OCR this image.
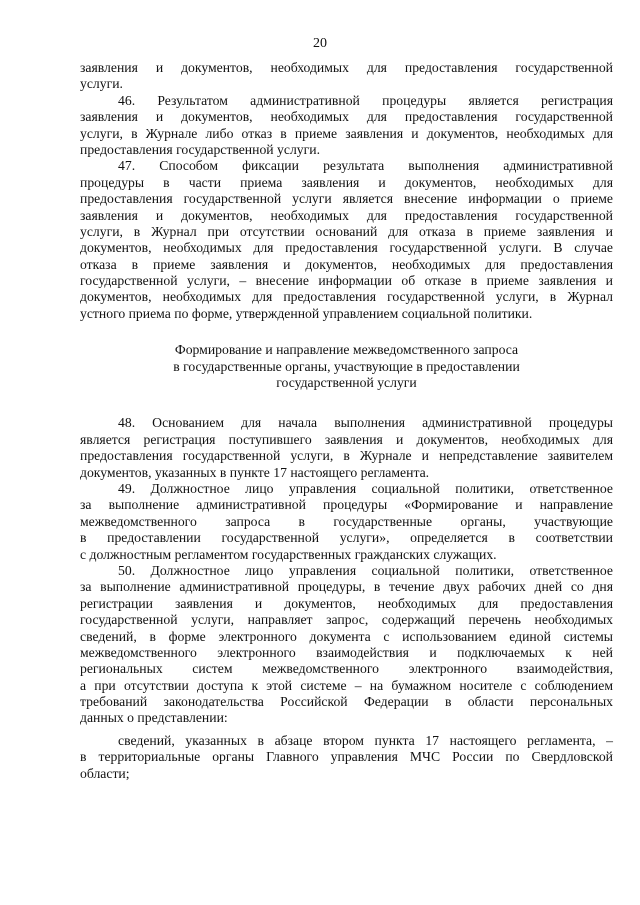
20
заявления и документов, необходимых для предоставления государственной
услуги.
46. Результатом административной процедуры является регистрация
заявления и документов, необходимых для предоставления государственной
услуги, в Журнале либо отказ в приеме заявления и документов, необходимых для
предоставления государственной услуги.
47. Способом фиксации результата выполнения административной
процедуры в части приема заявления и документов, необходимых для
предоставления государственной услуги является внесение информации о приеме
заявления и документов, необходимых для предоставления государственной
услуги, в Журнал при отсутствии оснований для отказа в приеме заявления и
документов, необходимых для предоставления государственной услуги. В случае
отказа в приеме заявления и документов, необходимых для предоставления
государственной услуги, – внесение информации об отказе в приеме заявления и
документов, необходимых для предоставления государственной услуги, в Журнал
устного приема по форме, утвержденной управлением социальной политики.
Формирование и направление межведомственного запроса
в государственные органы, участвующие в предоставлении
государственной услуги
48. Основанием для начала выполнения административной процедуры
является регистрация поступившего заявления и документов, необходимых для
предоставления государственной услуги, в Журнале и непредставление заявителем
документов, указанных в пункте 17 настоящего регламента.
49. Должностное лицо управления социальной политики, ответственное
за выполнение административной процедуры «Формирование и направление
межведомственного запроса в государственные органы, участвующие
в предоставлении государственной услуги», определяется в соответствии
с должностным регламентом государственных гражданских служащих.
50. Должностное лицо управления социальной политики, ответственное
за выполнение административной процедуры, в течение двух рабочих дней со дня
регистрации заявления и документов, необходимых для предоставления
государственной услуги, направляет запрос, содержащий перечень необходимых
сведений, в форме электронного документа с использованием единой системы
межведомственного электронного взаимодействия и подключаемых к ней
региональных систем межведомственного электронного взаимодействия,
а при отсутствии доступа к этой системе – на бумажном носителе с соблюдением
требований законодательства Российской Федерации в области персональных
данных о представлении:
сведений, указанных в абзаце втором пункта 17 настоящего регламента, –
в территориальные органы Главного управления МЧС России по Свердловской
области;
